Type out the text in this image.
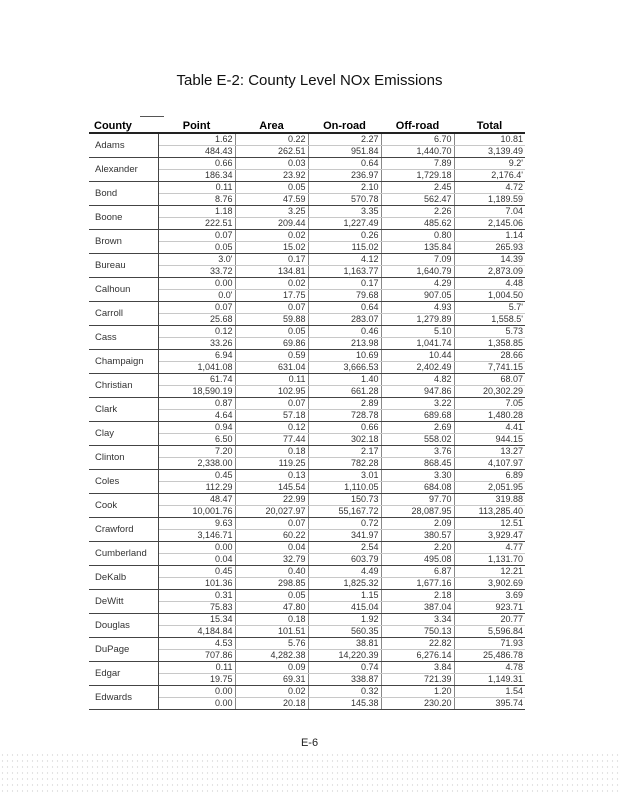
Table E-2: County Level NOx Emissions
County	Point	Area	On-road	Off-road	Total
Adams	1.62	0.22	2.27	6.70	10.81
	484.43	262.51	951.84	1,440.70	3,139.49
Alexander	0.66	0.03	0.64	7.89	9.2'
	186.34	23.92	236.97	1,729.18	2,176.4'
Bond	0.11	0.05	2.10	2.45	4.72
	8.76	47.59	570.78	562.47	1,189.59
Boone	1.18	3.25	3.35	2.26	7.04
	222.51	209.44	1,227.49	485.62	2,145.06
Brown	0.07	0.02	0.26	0.80	1.14
	0.05	15.02	115.02	135.84	265.93
Bureau	3.0'	0.17	4.12	7.09	14.39
	33.72	134.81	1,163.77	1,640.79	2,873.09
Calhoun	0.00	0.02	0.17	4.29	4.48
	0.0'	17.75	79.68	907.05	1,004.50
Carroll	0.07	0.07	0.64	4.93	5.7'
	25.68	59.88	283.07	1,279.89	1,558.5'
Cass	0.12	0.05	0.46	5.10	5.73
	33.26	69.86	213.98	1,041.74	1,358.85
Champaign	6.94	0.59	10.69	10.44	28.66
	1,041.08	631.04	3,666.53	2,402.49	7,741.15
Christian	61.74	0.11	1.40	4.82	68.07
	18,590.19	102.95	661.28	947.86	20,302.29
Clark	0.87	0.07	2.89	3.22	7.05
	4.64	57.18	728.78	689.68	1,480.28
Clay	0.94	0.12	0.66	2.69	4.41
	6.50	77.44	302.18	558.02	944.15
Clinton	7.20	0.18	2.17	3.76	13.27
	2,338.00	119.25	782.28	868.45	4,107.97
Coles	0.45	0.13	3.01	3.30	6.89
	112.29	145.54	1,110.05	684.08	2,051.95
Cook	48.47	22.99	150.73	97.70	319.88
	10,001.76	20,027.97	55,167.72	28,087.95	113,285.40
Crawford	9.63	0.07	0.72	2.09	12.51
	3,146.71	60.22	341.97	380.57	3,929.47
Cumberland	0.00	0.04	2.54	2.20	4.77
	0.04	32.79	603.79	495.08	1,131.70
DeKalb	0.45	0.40	4.49	6.87	12.21
	101.36	298.85	1,825.32	1,677.16	3,902.69
DeWitt	0.31	0.05	1.15	2.18	3.69
	75.83	47.80	415.04	387.04	923.71
Douglas	15.34	0.18	1.92	3.34	20.77
	4,184.84	101.51	560.35	750.13	5,596.84
DuPage	4.53	5.76	38.81	22.82	71.93
	707.86	4,282.38	14,220.39	6,276.14	25,486.78
Edgar	0.11	0.09	0.74	3.84	4.78
	19.75	69.31	338.87	721.39	1,149.31
Edwards	0.00	0.02	0.32	1.20	1.54
	0.00	20.18	145.38	230.20	395.74
E-6
